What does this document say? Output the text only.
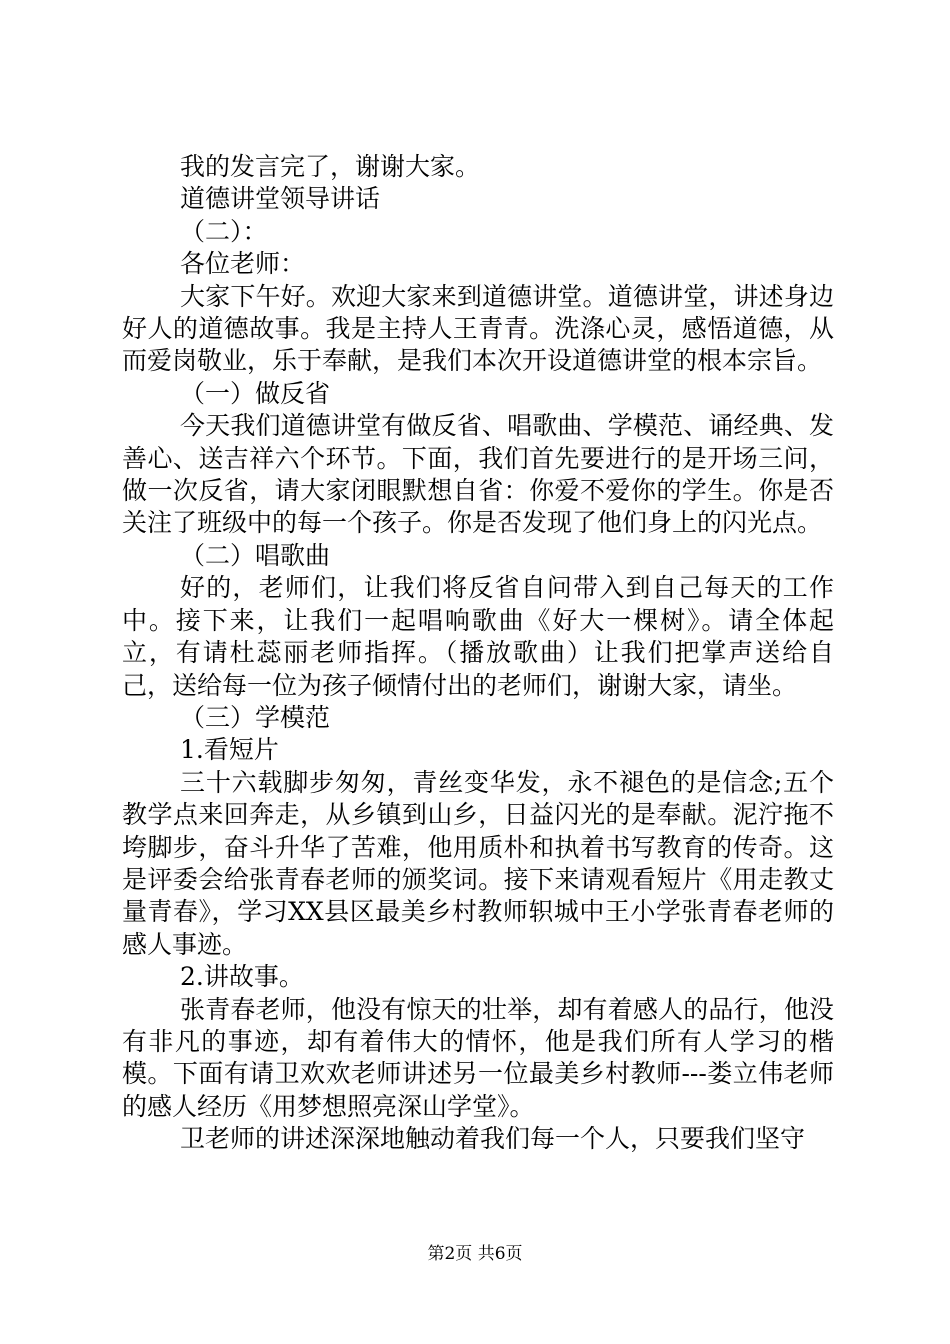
我的发言完了，谢谢大家。

道德讲堂领导讲话

（二）：

各位老师：

大家下午好。欢迎大家来到道德讲堂。道德讲堂，讲述身边好人的道德故事。我是主持人王青青。洗涤心灵，感悟道德，从而爱岗敬业，乐于奉献，是我们本次开设道德讲堂的根本宗旨。

（一）做反省

今天我们道德讲堂有做反省、唱歌曲、学模范、诵经典、发善心、送吉祥六个环节。下面，我们首先要进行的是开场三问，做一次反省，请大家闭眼默想自省：你爱不爱你的学生。你是否关注了班级中的每一个孩子。你是否发现了他们身上的闪光点。

（二）唱歌曲

好的，老师们，让我们将反省自问带入到自己每天的工作中。接下来，让我们一起唱响歌曲《好大一棵树》。请全体起立，有请杜蕊丽老师指挥。（播放歌曲）让我们把掌声送给自己，送给每一位为孩子倾情付出的老师们，谢谢大家，请坐。

（三）学模范

1.看短片

三十六载脚步匆匆，青丝变华发，永不褪色的是信念;五个教学点来回奔走，从乡镇到山乡，日益闪光的是奉献。泥泞拖不垮脚步，奋斗升华了苦难，他用质朴和执着书写教育的传奇。这是评委会给张青春老师的颁奖词。接下来请观看短片《用走教丈量青春》，学习XX县区最美乡村教师轵城中王小学张青春老师的感人事迹。

2.讲故事。

张青春老师，他没有惊天的壮举，却有着感人的品行，他没有非凡的事迹，却有着伟大的情怀，他是我们所有人学习的楷模。下面有请卫欢欢老师讲述另一位最美乡村教师---娄立伟老师的感人经历《用梦想照亮深山学堂》。

卫老师的讲述深深地触动着我们每一个人，只要我们坚守

第2页 共6页
